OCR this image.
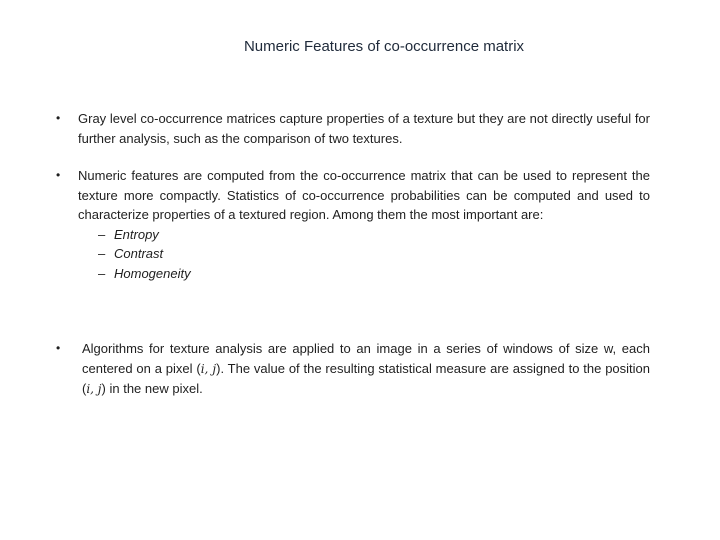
Numeric Features of co-occurrence matrix
•	Gray level co-occurrence matrices capture properties of a texture but they are not directly useful for further analysis, such as the comparison of two textures.
•	Numeric features are computed from the co-occurrence matrix that can be used to represent the texture more compactly. Statistics of co-occurrence probabilities can be computed and used to characterize properties of a textured region. Among them the most important are:
– Entropy
– Contrast
– Homogeneity
•	Algorithms for texture analysis are applied to an image in a series of windows of size w, each centered on a pixel (i, j). The value of the resulting statistical measure are assigned to the position (i, j) in the new pixel.
